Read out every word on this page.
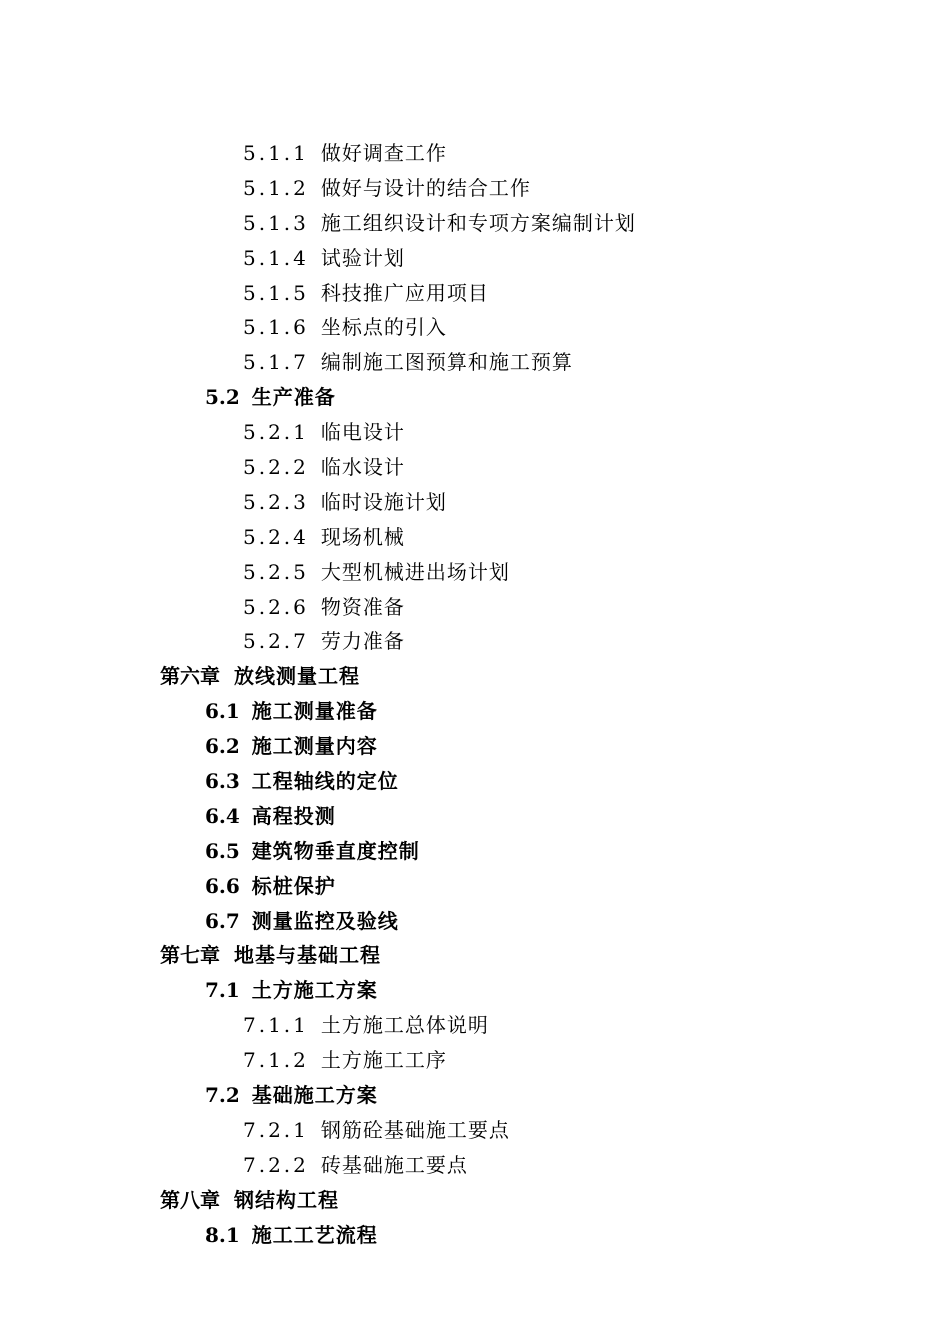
5.1.1 做好调查工作
5.1.2 做好与设计的结合工作
5.1.3 施工组织设计和专项方案编制计划
5.1.4 试验计划
5.1.5 科技推广应用项目
5.1.6 坐标点的引入
5.1.7 编制施工图预算和施工预算
5.2 生产准备
5.2.1 临电设计
5.2.2 临水设计
5.2.3 临时设施计划
5.2.4 现场机械
5.2.5 大型机械进出场计划
5.2.6 物资准备
5.2.7 劳力准备
第六章 放线测量工程
6.1 施工测量准备
6.2 施工测量内容
6.3 工程轴线的定位
6.4 高程投测
6.5 建筑物垂直度控制
6.6 标桩保护
6.7 测量监控及验线
第七章 地基与基础工程
7.1 土方施工方案
7.1.1 土方施工总体说明
7.1.2 土方施工工序
7.2 基础施工方案
7.2.1 钢筋砼基础施工要点
7.2.2 砖基础施工要点
第八章 钢结构工程
8.1 施工工艺流程
